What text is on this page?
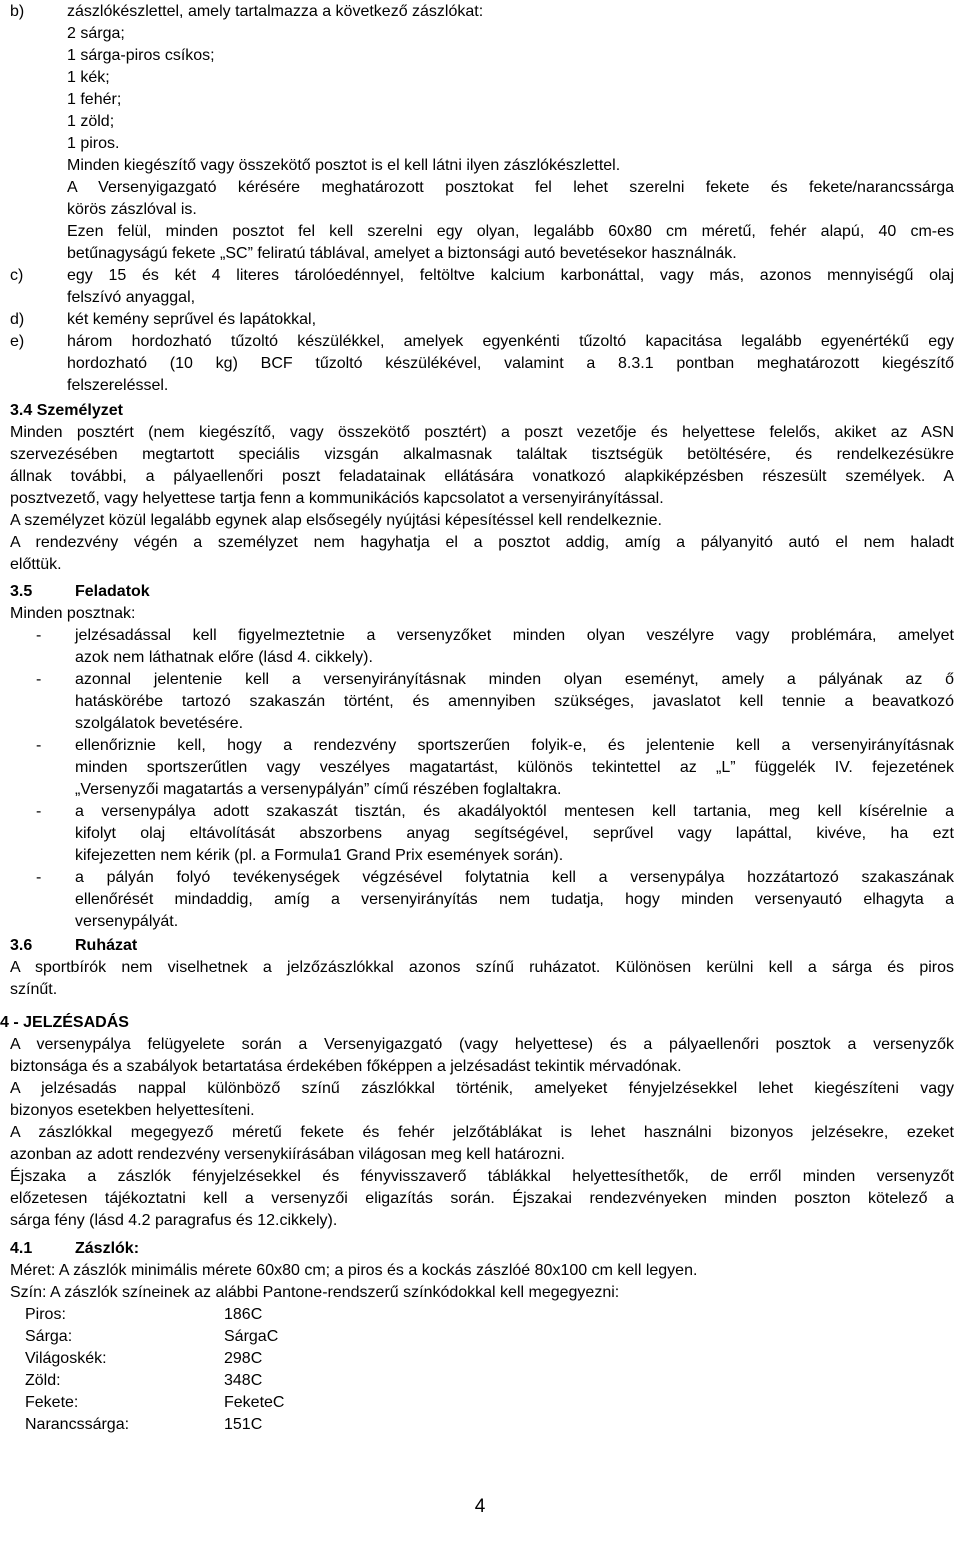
b)	zászlókészlettel, amely tartalmazza a következő zászlókat:
2 sárga;
1 sárga-piros csíkos;
1 kék;
1 fehér;
1 zöld;
1 piros.
Minden kiegészítő vagy összekötő posztot is el kell látni ilyen zászlókészlettel.
A Versenyigazgató kérésére meghatározott posztokat fel lehet szerelni fekete és fekete/narancssárga
körös zászlóval is.
Ezen felül, minden posztot fel kell szerelni egy olyan, legalább 60x80 cm méretű, fehér alapú, 40 cm-es
betűnagyságú fekete „SC” feliratú táblával, amelyet a biztonsági autó bevetésekor használnák.
c)	egy 15 és két 4 literes tárolóedénnyel, feltöltve kalcium karbonáttal, vagy más, azonos mennyiségű olaj
felszívó anyaggal,
d)	két kemény seprűvel és lapátokkal,
e)	három hordozható tűzoltó készülékkel, amelyek egyenkénti tűzoltó kapacitása legalább egyenértékű egy
hordozható (10 kg) BCF tűzoltó készülékével, valamint a 8.3.1 pontban meghatározott kiegészítő
felszereléssel.
3.4 Személyzet
Minden posztért (nem kiegészítő, vagy összekötő posztért) a poszt vezetője és helyettese felelős, akiket az ASN
szervezésében megtartott speciális vizsgán alkalmasnak találtak tisztségük betöltésére, és rendelkezésükre
állnak további, a pályaellenőri poszt feladatainak ellátására vonatkozó alapkiképzésben részesült személyek. A
posztvezető, vagy helyettese tartja fenn a kommunikációs kapcsolatot a versenyirányítással.
A személyzet közül legalább egynek alap elsősegély nyújtási képesítéssel kell rendelkeznie.
A rendezvény végén a személyzet nem hagyhatja el a posztot addig, amíg a pályanyitó autó el nem haladt
előttük.
3.5	Feladatok
Minden posztnak:
- jelzésadással kell figyelmeztetnie a versenyzőket minden olyan veszélyre vagy problémára, amelyet
azok nem láthatnak előre (lásd 4. cikkely).
- azonnal jelentenie kell a versenyirányításnak minden olyan eseményt, amely a pályának az ő
hatáskörébe tartozó szakaszán történt, és amennyiben szükséges, javaslatot kell tennie a beavatkozó
szolgálatok bevetésére.
- ellenőriznie kell, hogy a rendezvény sportszerűen folyik-e, és jelentenie kell a versenyirányításnak
minden sportszerűtlen vagy veszélyes magatartást, különös tekintettel az „L” függelék IV. fejezetének
„Versenyzői magatartás a versenypályán” című részében foglaltakra.
- a versenypálya adott szakaszát tisztán, és akadályoktól mentesen kell tartania, meg kell kísérelnie a
kifolyt olaj eltávolítását abszorbens anyag segítségével, seprűvel vagy lapáttal, kivéve, ha ezt
kifejezetten nem kérik (pl. a Formula1 Grand Prix események során).
- a pályán folyó tevékenységek végzésével folytatnia kell a versenypálya hozzátartozó szakaszának
ellenőrését mindaddig, amíg a versenyirányítás nem tudatja, hogy minden versenyautó elhagyta a
versenypályát.
3.6	Ruházat
A sportbírók nem viselhetnek a jelzőzászlókkal azonos színű ruházatot. Különösen kerülni kell a sárga és piros
színűt.
4 - JELZÉSADÁS
A versenypálya felügyelete során a Versenyigazgató (vagy helyettese) és a pályaellenőri posztok a versenyzők
biztonsága és a szabályok betartatása érdekében főképpen a jelzésadást tekintik mérvadónak.
A jelzésadás nappal különböző színű zászlókkal történik, amelyeket fényjelzésekkel lehet kiegészíteni vagy
bizonyos esetekben helyettesíteni.
A zászlókkal megegyező méretű fekete és fehér jelzőtáblákat is lehet használni bizonyos jelzésekre, ezeket
azonban az adott rendezvény versenykiírásában világosan meg kell határozni.
Éjszaka a zászlók fényjelzésekkel és fényvisszaverő táblákkal helyettesíthetők, de erről minden versenyzőt
előzetesen tájékoztatni kell a versenyzői eligazítás során. Éjszakai rendezvényeken minden poszton kötelező a
sárga fény (lásd 4.2 paragrafus és 12.cikkely).
4.1	Zászlók:
Méret: A zászlók minimális mérete 60x80 cm; a piros és a kockás zászlóé 80x100 cm kell legyen.
Szín: A zászlók színeinek az alábbi Pantone-rendszerű színkódokkal kell megegyezni:
Piros:	186C
Sárga:	SárgaC
Világoskék:	298C
Zöld:	348C
Fekete:	FeketeC
Narancssárga:	151C
4
